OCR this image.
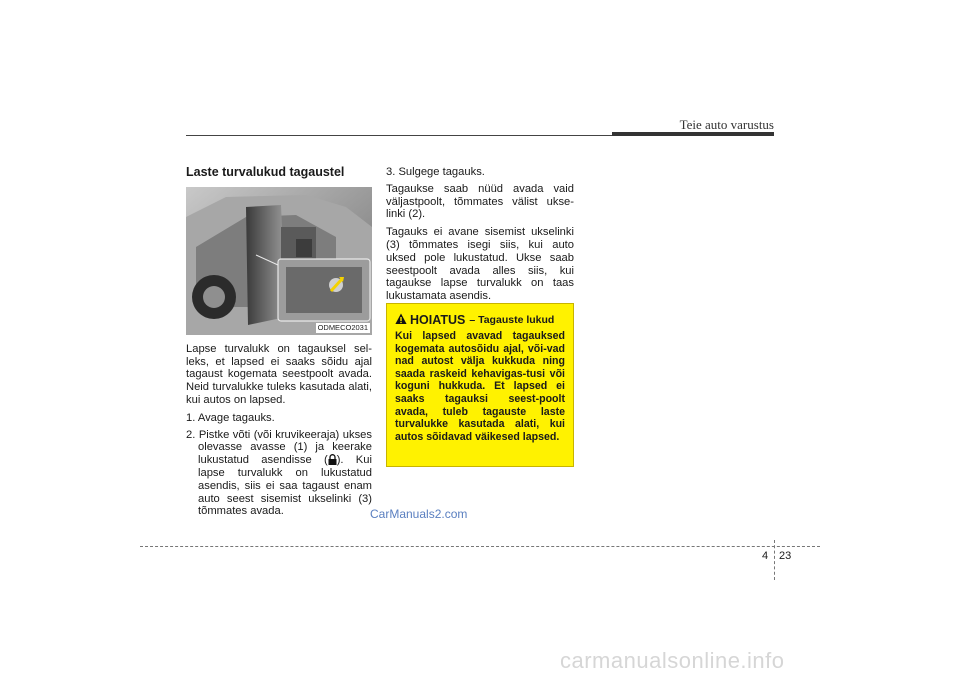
Teie auto varustus
Laste turvalukud tagaustel
ODMECO2031

Lapse turvalukk on tagauksel sel-leks, et lapsed ei saaks sõidu ajal tagaust kogemata seestpoolt avada. Neid turvalukke tuleks kasutada alati, kui autos on lapsed.

1. Avage tagauks.
2. Pistke võti (või kruvikeeraja) ukses olevasse avasse (1) ja keerake lukustatud asendisse ( ). Kui lapse turvalukk on lukustatud asendis, siis ei saa tagaust enam auto seest sisemist ukselinki (3) tõmmates avada.
3. Sulgege tagauks.

Tagaukse saab nüüd avada vaid väljastpoolt, tõmmates välist ukse-linki (2).

Tagauks ei avane sisemist ukselinki (3) tõmmates isegi siis, kui auto uksed pole lukustatud. Ukse saab seestpoolt avada alles siis, kui tagaukse lapse turvalukk on taas lukustamata asendis.

HOIATUS – Tagauste lukud
Kui lapsed avavad tagauksed kogemata autosõidu ajal, või-vad nad autost välja kukkuda ning saada raskeid kehavigas-tusi või koguni hukkuda. Et lapsed ei saaks tagauksi seest-poolt avada, tuleb tagauste laste turvalukke kasutada alati, kui autos sõidavad väikesed lapsed.
CarManuals2.com
4 23
carmanualsonline.info
